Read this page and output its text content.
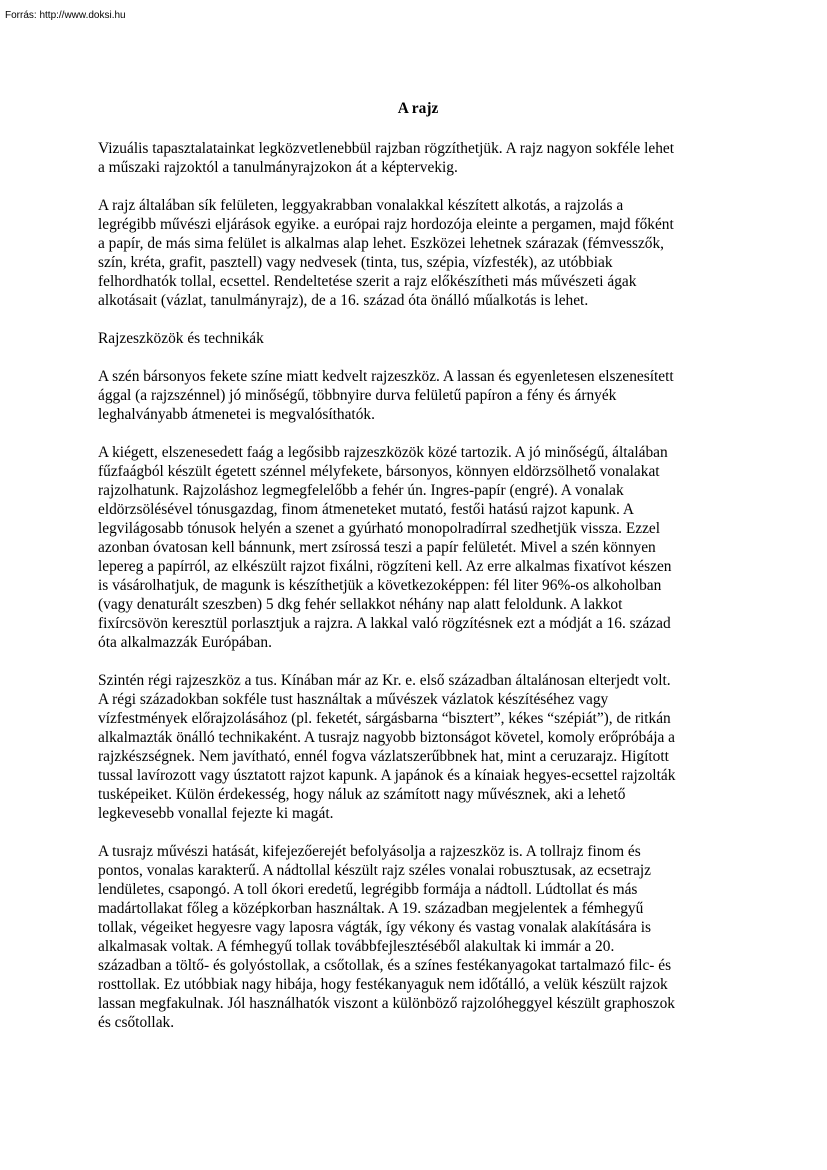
Forrás: http://www.doksi.hu
A rajz
Vizuális tapasztalatainkat legközvetlenebbül rajzban rögzíthetjük. A rajz nagyon sokféle lehet
a műszaki rajzoktól a tanulmányrajzokon át a képtervekig.
A rajz általában sík felületen, leggyakrabban vonalakkal készített alkotás, a rajzolás a
legrégibb művészi eljárások egyike. a európai rajz hordozója eleinte a pergamen, majd főként
a papír, de más sima felület is alkalmas alap lehet. Eszközei lehetnek szárazak (fémvesszők,
szín, kréta, grafit, pasztell) vagy nedvesek (tinta, tus, szépia, vízfesték), az utóbbiak
felhordhatók tollal, ecsettel. Rendeltetése szerit a rajz előkészítheti más művészeti ágak
alkotásait (vázlat, tanulmányrajz), de a 16. század óta önálló műalkotás is lehet.
Rajzeszközök és technikák
A szén bársonyos fekete színe miatt kedvelt rajzeszköz. A lassan és egyenletesen elszenesített
ággal (a rajzszénnel) jó minőségű, többnyire durva felületű papíron a fény és árnyék
leghalványabb átmenetei is megvalósíthatók.
A kiégett, elszenesedett faág a legősibb rajzeszközök közé tartozik. A jó minőségű, általában
fűzfaágból készült égetett szénnel mélyfekete, bársonyos, könnyen eldörzsölhető vonalakat
rajzolhatunk. Rajzoláshoz legmegfelelőbb a fehér ún. Ingres-papír (engré). A vonalak
eldörzsölésével tónusgazdag, finom átmeneteket mutató, festői hatású rajzot kapunk. A
legvilágosabb tónusok helyén a szenet a gyúrható monopolradírral szedhetjük vissza. Ezzel
azonban óvatosan kell bánnunk, mert zsírossá teszi a papír felületét. Mivel a szén könnyen
lepereg a papírról, az elkészült rajzot fixálni, rögzíteni kell. Az erre alkalmas fixatívot készen
is vásárolhatjuk, de magunk is készíthetjük a következoképpen: fél liter 96%-os alkoholban
(vagy denaturált szeszben) 5 dkg fehér sellakkot néhány nap alatt feloldunk. A lakkot
fixírcsövön keresztül porlasztjuk a rajzra. A lakkal való rögzítésnek ezt a módját a 16. század
óta alkalmazzák Európában.
Szintén régi rajzeszköz a tus. Kínában már az Kr. e. első században általánosan elterjedt volt.
A régi századokban sokféle tust használtak a művészek vázlatok készítéséhez vagy
vízfestmények előrajzolásához (pl. feketét, sárgásbarna “bisztert”, kékes “szépiát”), de ritkán
alkalmazták önálló technikaként. A tusrajz nagyobb biztonságot követel, komoly erőpróbája a
rajzkészségnek. Nem javítható, ennél fogva vázlatszerűbbnek hat, mint a ceruzarajz. Higított
tussal lavírozott vagy úsztatott rajzot kapunk. A japánok és a kínaiak hegyes-ecsettel rajzolták
tusképeiket. Külön érdekesség, hogy náluk az számított nagy művésznek, aki a lehető
legkevesebb vonallal fejezte ki magát.
A tusrajz művészi hatását, kifejezőerejét befolyásolja a rajzeszköz is. A tollrajz finom és
pontos, vonalas karakterű. A nádtollal készült rajz széles vonalai robusztusak, az ecsetrajz
lendületes, csapongó. A toll ókori eredetű, legrégibb formája a nádtoll. Lúdtollat és más
madártollakat főleg a középkorban használtak. A 19. században megjelentek a fémhegyű
tollak, végeiket hegyesre vagy laposra vágták, így vékony és vastag vonalak alakítására is
alkalmasak voltak. A fémhegyű tollak továbbfejlesztéséből alakultak ki immár a 20.
században a töltő- és golyóstollak, a csőtollak, és a színes festékanyagokat tartalmazó filc- és
rosttollak. Ez utóbbiak nagy hibája, hogy festékanyaguk nem időtálló, a velük készült rajzok
lassan megfakulnak. Jól használhatók viszont a különböző rajzolóheggyel készült graphoszok
és csőtollak.
